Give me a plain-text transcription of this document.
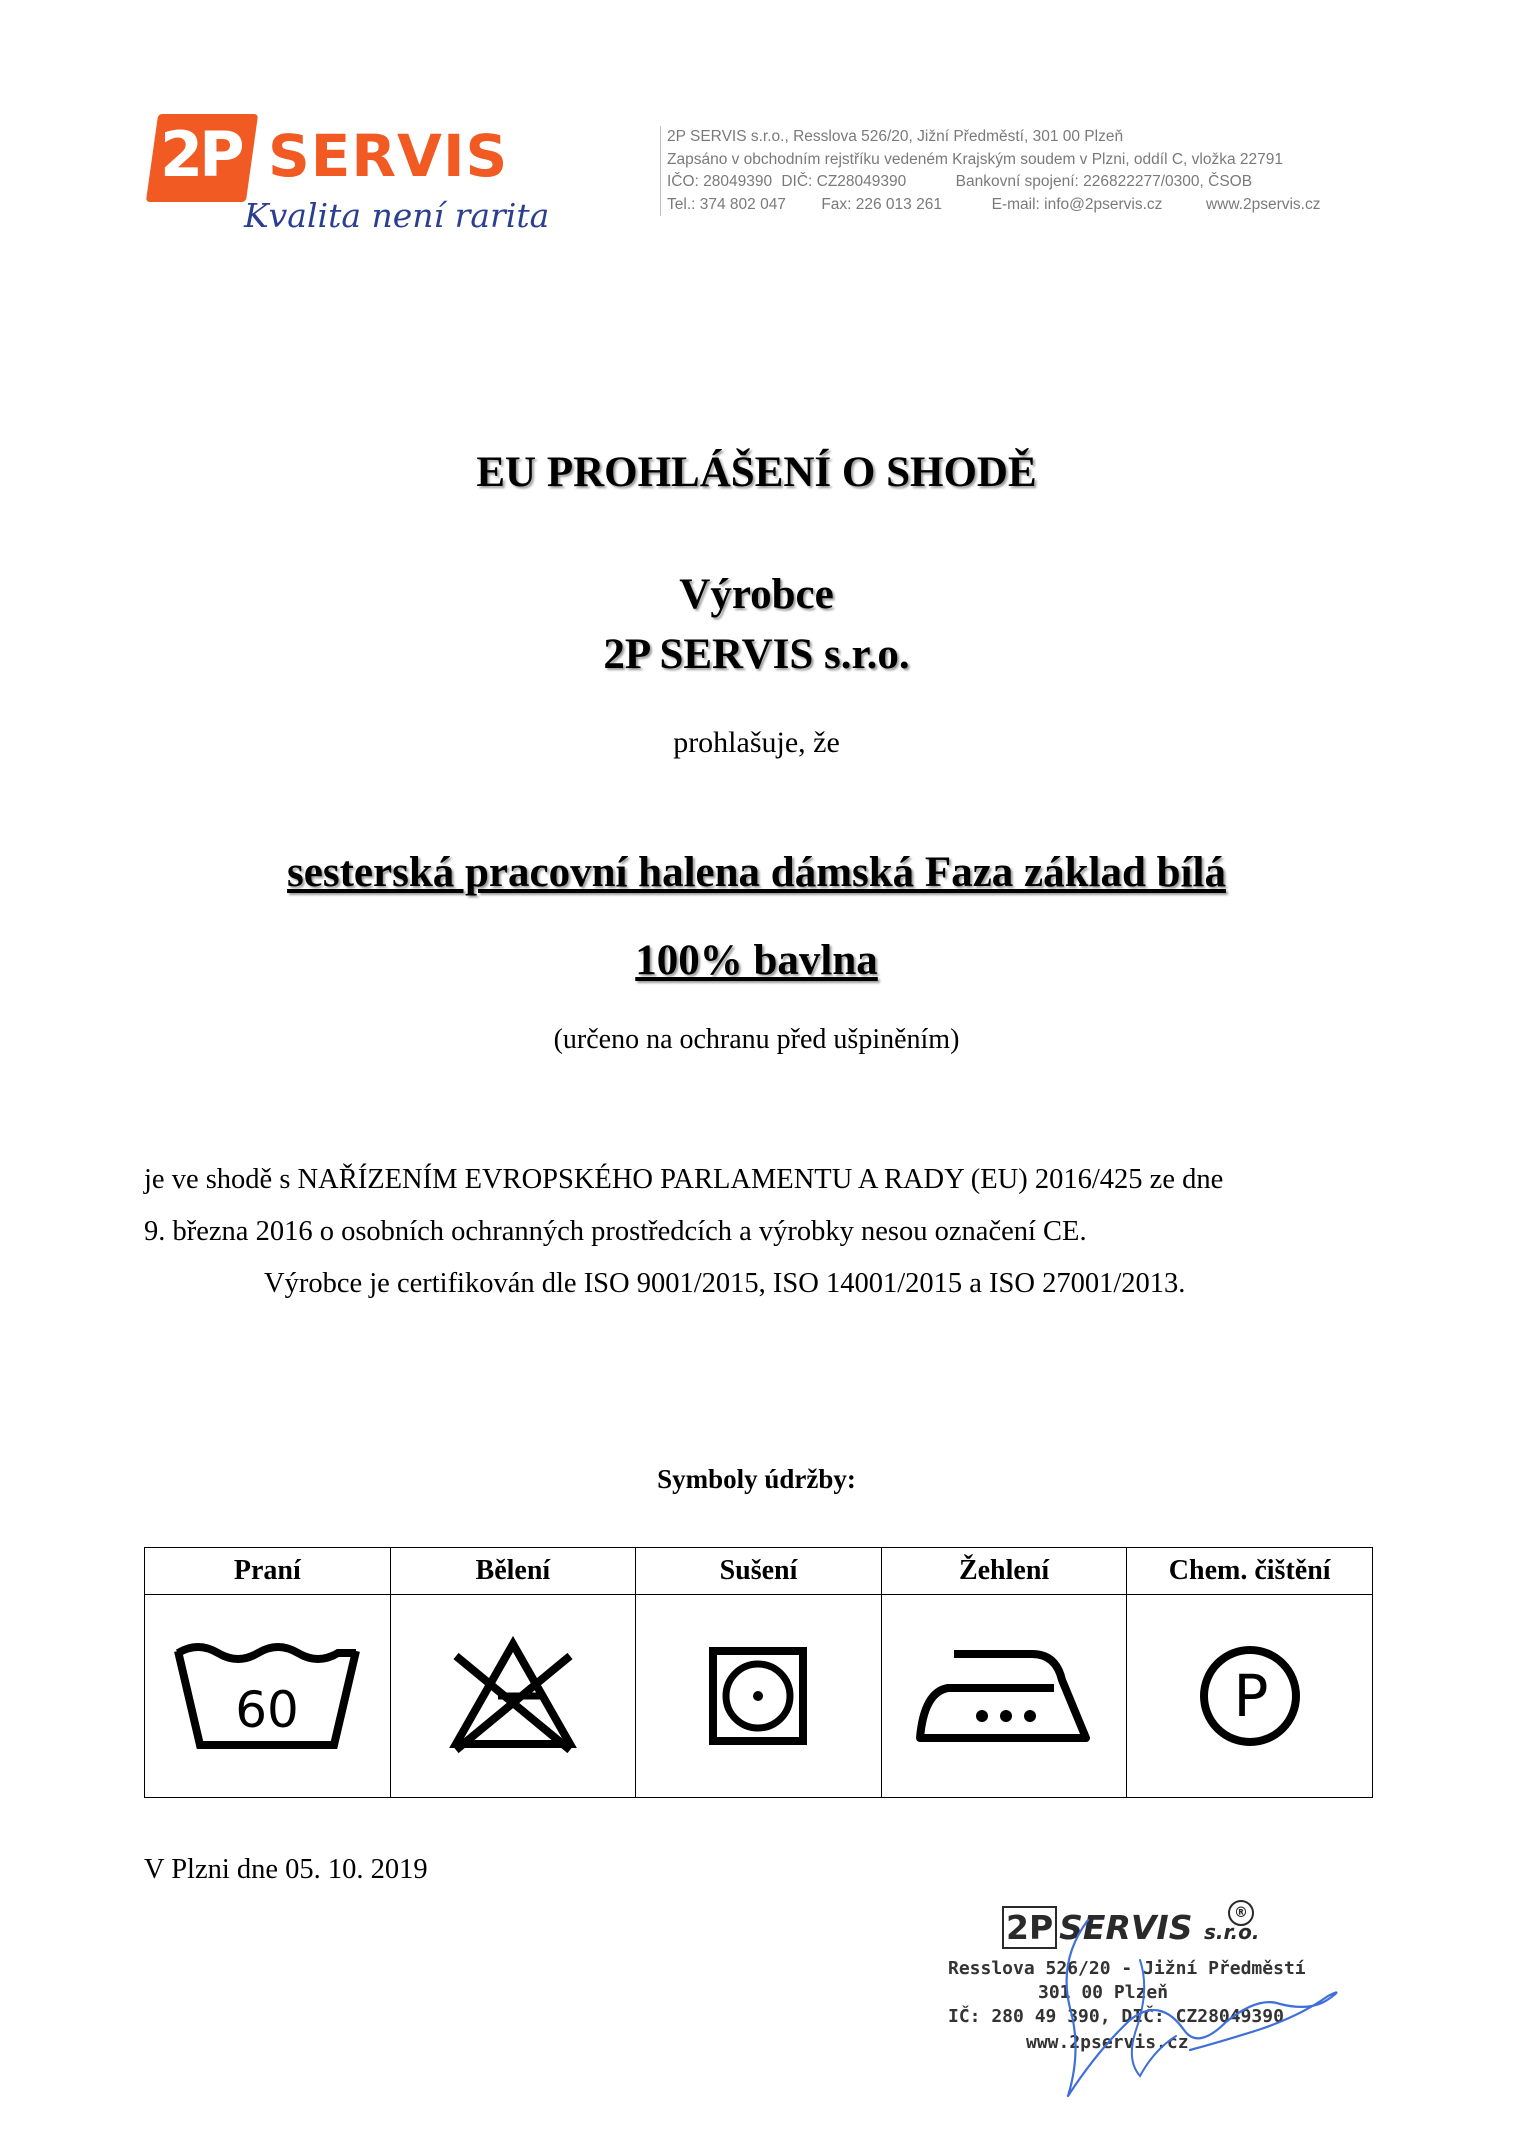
2P SERVIS
Kvalita není rarita
2P SERVIS s.r.o., Resslova 526/20, Jižní Předměstí, 301 00 Plzeň
Zapsáno v obchodním rejstříku vedeném Krajským soudem v Plzni, oddíl C, vložka 22791
IČO: 28049390 DIČ: CZ28049390	Bankovní spojení: 226822277/0300, ČSOB
Tel.: 374 802 047 Fax: 226 013 261	E-mail: info@2pservis.cz	www.2pservis.cz
EU PROHLÁŠENÍ O SHODĚ
Výrobce
2P SERVIS s.r.o.
prohlašuje, že
sesterská pracovní halena dámská Faza základ bílá
100% bavlna
(určeno na ochranu před ušpiněním)
je ve shodě s NAŘÍZENÍM EVROPSKÉHO PARLAMENTU A RADY (EU) 2016/425 ze dne
9. března 2016 o osobních ochranných prostředcích a výrobky nesou označení CE.
Výrobce je certifikován dle ISO 9001/2015, ISO 14001/2015 a ISO 27001/2013.
Symboly údržby:
Praní	Bělení	Sušení	Žehlení	Chem. čištění

60				P
V Plzni dne 05. 10. 2019
2P SERVIS s.r.o.
®
Resslova 526/20 - Jižní Předměstí
301 00 Plzeň
IČ: 280 49 390, DIČ: CZ28049390
www.2pservis.cz
